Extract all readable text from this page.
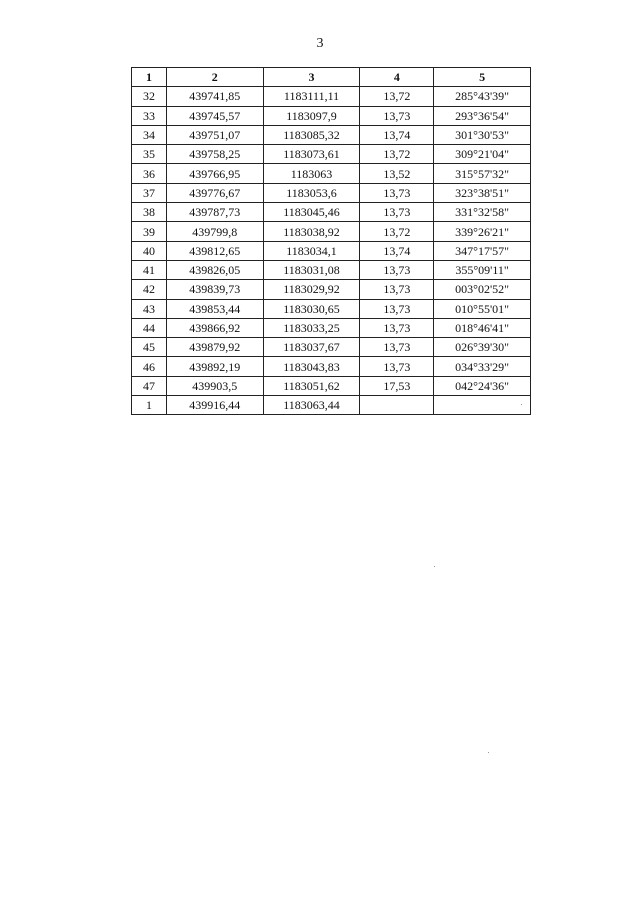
3
1	2	3	4	5
32	439741,85	1183111,11	13,72	285°43'39"
33	439745,57	1183097,9	13,73	293°36'54"
34	439751,07	1183085,32	13,74	301°30'53"
35	439758,25	1183073,61	13,72	309°21'04"
36	439766,95	1183063	13,52	315°57'32"
37	439776,67	1183053,6	13,73	323°38'51"
38	439787,73	1183045,46	13,73	331°32'58"
39	439799,8	1183038,92	13,72	339°26'21"
40	439812,65	1183034,1	13,74	347°17'57"
41	439826,05	1183031,08	13,73	355°09'11"
42	439839,73	1183029,92	13,73	003°02'52"
43	439853,44	1183030,65	13,73	010°55'01"
44	439866,92	1183033,25	13,73	018°46'41"
45	439879,92	1183037,67	13,73	026°39'30"
46	439892,19	1183043,83	13,73	034°33'29"
47	439903,5	1183051,62	17,53	042°24'36"
1	439916,44	1183063,44		
